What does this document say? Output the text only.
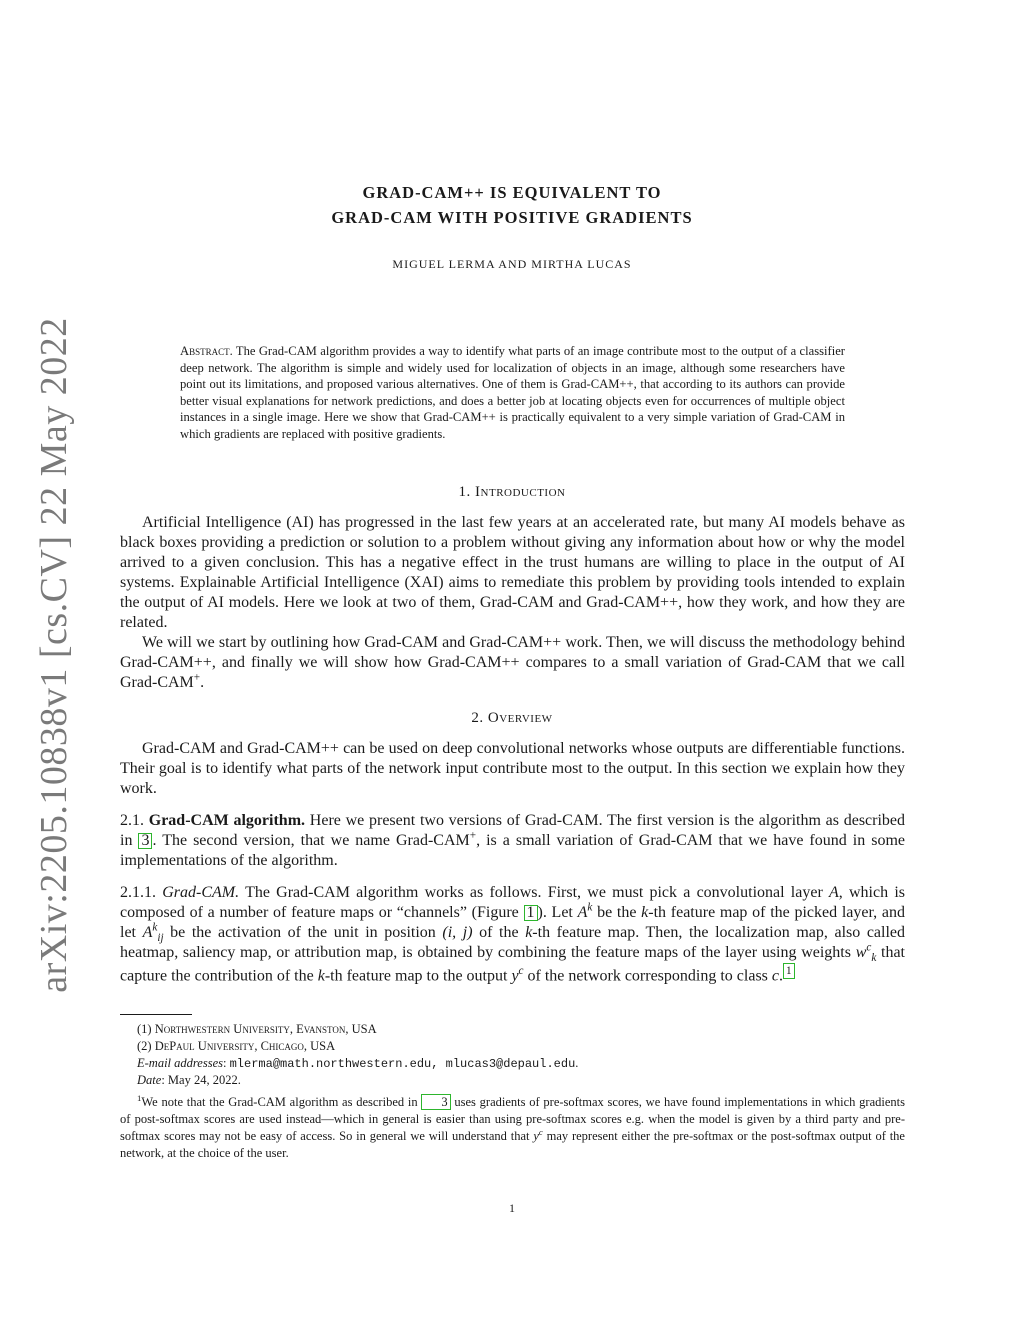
arXiv:2205.10838v1 [cs.CV] 22 May 2022
GRAD-CAM++ IS EQUIVALENT TO
GRAD-CAM WITH POSITIVE GRADIENTS
MIGUEL LERMA AND MIRTHA LUCAS
Abstract. The Grad-CAM algorithm provides a way to identify what parts of an image contribute most to the output of a classifier deep network. The algorithm is simple and widely used for localization of objects in an image, although some researchers have point out its limitations, and proposed various alternatives. One of them is Grad-CAM++, that according to its authors can provide better visual explanations for network predictions, and does a better job at locating objects even for occurrences of multiple object instances in a single image. Here we show that Grad-CAM++ is practically equivalent to a very simple variation of Grad-CAM in which gradients are replaced with positive gradients.
1. Introduction

Artificial Intelligence (AI) has progressed in the last few years at an accelerated rate, but many AI models behave as black boxes providing a prediction or solution to a problem without giving any information about how or why the model arrived to a given conclusion. This has a negative effect in the trust humans are willing to place in the output of AI systems. Explainable Artificial Intelligence (XAI) aims to remediate this problem by providing tools intended to explain the output of AI models. Here we look at two of them, Grad-CAM and Grad-CAM++, how they work, and how they are related.

We will we start by outlining how Grad-CAM and Grad-CAM++ work. Then, we will discuss the methodology behind Grad-CAM++, and finally we will show how Grad-CAM++ compares to a small variation of Grad-CAM that we call Grad-CAM+.

2. Overview

Grad-CAM and Grad-CAM++ can be used on deep convolutional networks whose outputs are differentiable functions. Their goal is to identify what parts of the network input contribute most to the output. In this section we explain how they work.

2.1. Grad-CAM algorithm. Here we present two versions of Grad-CAM. The first version is the algorithm as described in 3 . The second version, that we name Grad-CAM+, is a small variation of Grad-CAM that we have found in some implementations of the algorithm.

2.1.1. Grad-CAM. The Grad-CAM algorithm works as follows. First, we must pick a convolutional layer A, which is composed of a number of feature maps or “channels” (Figure 1 ). Let $A^k$ be the k-th feature map of the picked layer, and let $A^k_{ij}$ be the activation of the unit in position (i, j) of the k-th feature map. Then, the localization map, also called heatmap, saliency map, or attribution map, is obtained by combining the feature maps of the layer using weights $w^c_k$ that capture the contribution of the k-th feature map to the output $y^c$ of the network corresponding to class c. $^1$

(1) Northwestern University, Evanston, USA
(2) DePaul University, Chicago, USA
E-mail addresses: mlerma@math.northwestern.edu, mlucas3@depaul.edu.
Date: May 24, 2022.
$^1$We note that the Grad-CAM algorithm as described in 3 uses gradients of pre-softmax scores, we have found implementations in which gradients of post-softmax scores are used instead—which in general is easier than using pre-softmax scores e.g. when the model is given by a third party and pre-softmax scores may not be easy of access. So in general we will understand that $y^c$ may represent either the pre-softmax or the post-softmax output of the network, at the choice of the user.
1
